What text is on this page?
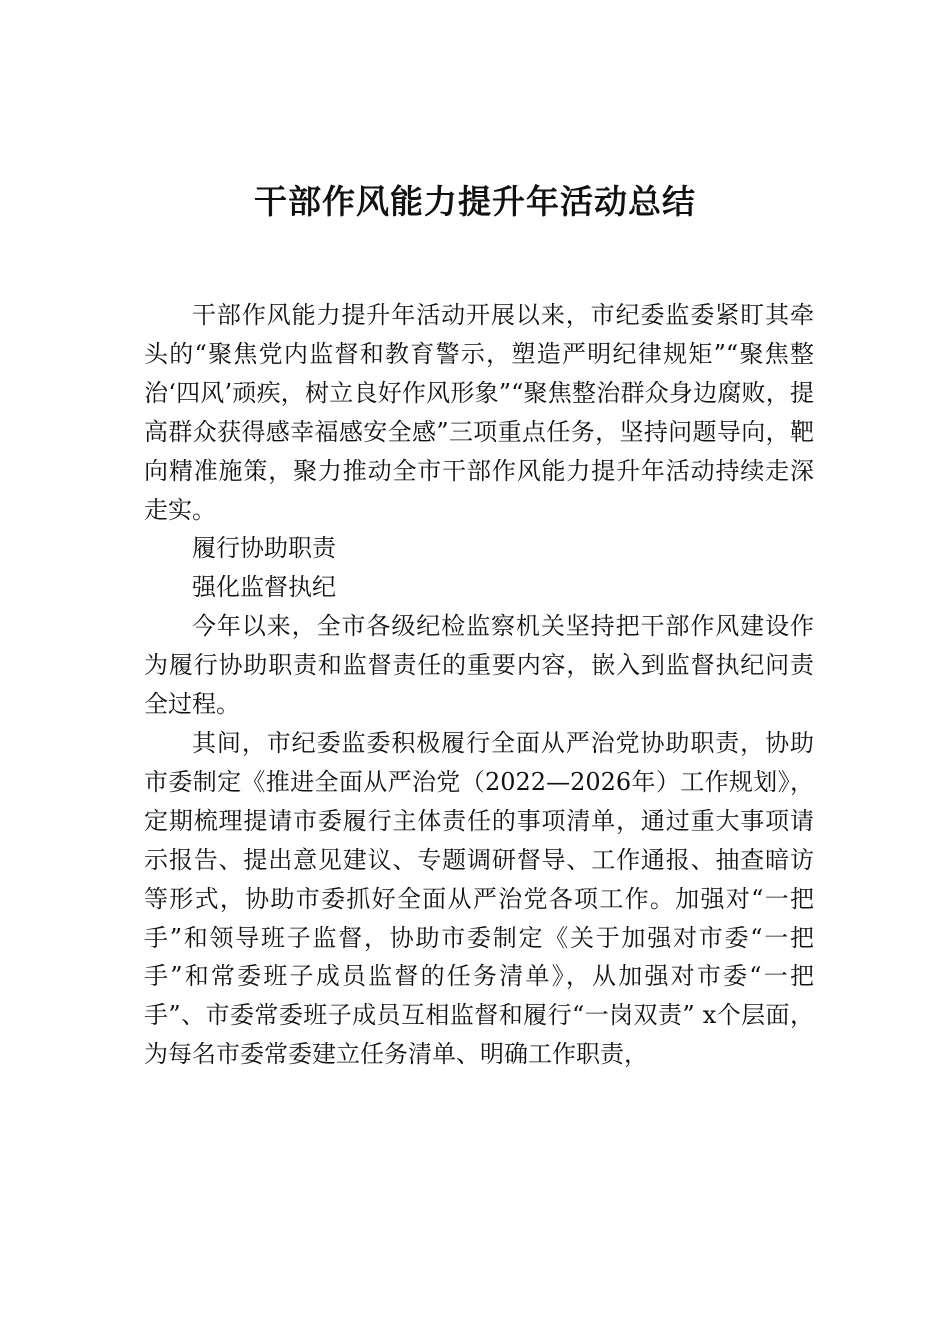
干部作风能力提升年活动总结

干部作风能力提升年活动开展以来，市纪委监委紧盯其牵头的“聚焦党内监督和教育警示，塑造严明纪律规矩”“聚焦整治‘四风’顽疾，树立良好作风形象”“聚焦整治群众身边腐败，提高群众获得感幸福感安全感”三项重点任务，坚持问题导向，靶向精准施策，聚力推动全市干部作风能力提升年活动持续走深走实。

履行协助职责

强化监督执纪

今年以来，全市各级纪检监察机关坚持把干部作风建设作为履行协助职责和监督责任的重要内容，嵌入到监督执纪问责全过程。

其间，市纪委监委积极履行全面从严治党协助职责，协助市委制定《推进全面从严治党（2022—2026年）工作规划》，定期梳理提请市委履行主体责任的事项清单，通过重大事项请示报告、提出意见建议、专题调研督导、工作通报、抽查暗访等形式，协助市委抓好全面从严治党各项工作。加强对“一把手”和领导班子监督，协助市委制定《关于加强对市委“一把手”和常委班子成员监督的任务清单》，从加强对市委“一把手”、市委常委班子成员互相监督和履行“一岗双责” x个层面，为每名市委常委建立任务清单、明确工作职责，
